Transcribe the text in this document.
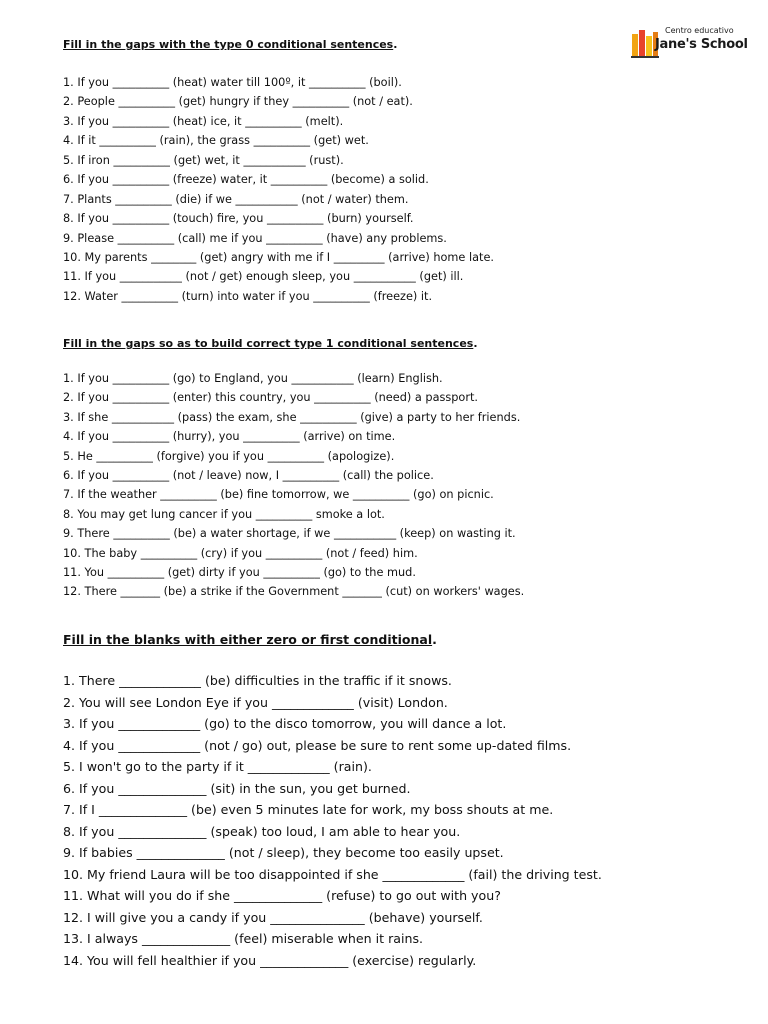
Centro educativo
Jane's School

Fill in the gaps with the type 0 conditional sentences.

1. If you __________ (heat) water till 100º, it __________ (boil).
2. People __________ (get) hungry if they __________ (not / eat).
3. If you __________ (heat) ice, it __________ (melt).
4. If it __________ (rain), the grass __________ (get) wet.
5. If iron __________ (get) wet, it ___________ (rust).
6. If you __________ (freeze) water, it __________ (become) a solid.
7. Plants __________ (die) if we ___________ (not / water) them.
8. If you __________ (touch) fire, you __________ (burn) yourself.
9. Please __________ (call) me if you __________ (have) any problems.
10. My parents ________ (get) angry with me if I _________ (arrive) home late.
11. If you ___________ (not / get) enough sleep, you ___________ (get) ill.
12. Water __________ (turn) into water if you __________ (freeze) it.

Fill in the gaps so as to build correct type 1 conditional sentences.

1. If you __________ (go) to England, you ___________ (learn) English.
2. If you __________ (enter) this country, you __________ (need) a passport.
3. If she ___________ (pass) the exam, she __________ (give) a party to her friends.
4. If you __________ (hurry), you __________ (arrive) on time.
5. He __________ (forgive) you if you __________ (apologize).
6. If you __________ (not / leave) now, I __________ (call) the police.
7. If the weather __________ (be) fine tomorrow, we __________ (go) on picnic.
8. You may get lung cancer if you __________ smoke a lot.
9. There __________ (be) a water shortage, if we ___________ (keep) on wasting it.
10. The baby __________ (cry) if you __________ (not / feed) him.
11. You __________ (get) dirty if you __________ (go) to the mud.
12. There _______ (be) a strike if the Government _______ (cut) on workers' wages.

Fill in the blanks with either zero or first conditional.

1. There _____________ (be) difficulties in the traffic if it snows.
2. You will see London Eye if you _____________ (visit) London.
3. If you _____________ (go) to the disco tomorrow, you will dance a lot.
4. If you _____________ (not / go) out, please be sure to rent some up-dated films.
5. I won't go to the party if it _____________ (rain).
6. If you ______________ (sit) in the sun, you get burned.
7. If I ______________ (be) even 5 minutes late for work, my boss shouts at me.
8. If you ______________ (speak) too loud, I am able to hear you.
9. If babies ______________ (not / sleep), they become too easily upset.
10. My friend Laura will be too disappointed if she _____________ (fail) the driving test.
11. What will you do if she ______________ (refuse) to go out with you?
12. I will give you a candy if you _______________ (behave) yourself.
13. I always ______________ (feel) miserable when it rains.
14. You will fell healthier if you ______________ (exercise) regularly.
